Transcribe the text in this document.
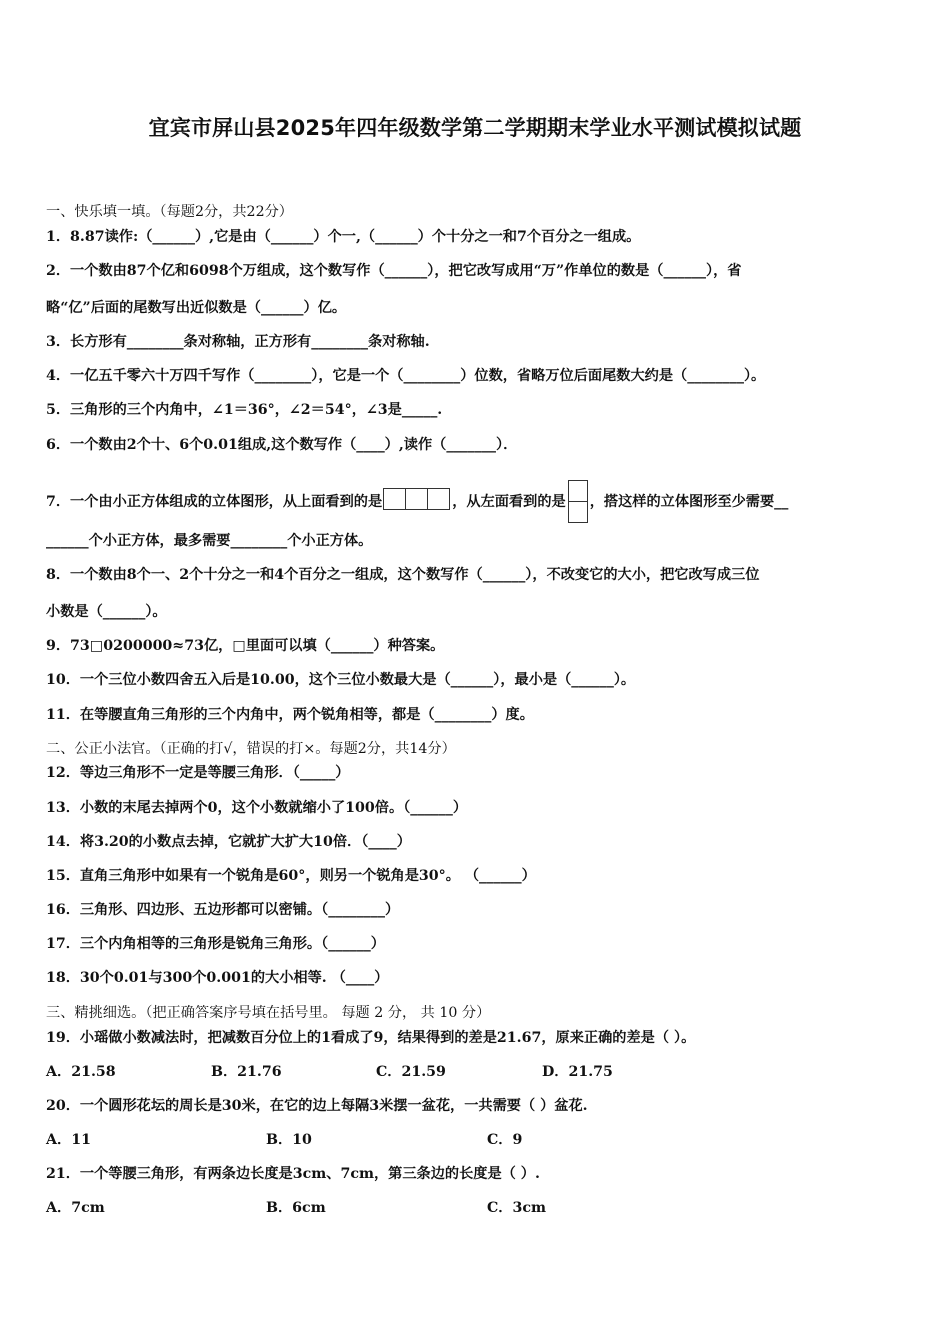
宜宾市屏山县2025年四年级数学第二学期期末学业水平测试模拟试题
一、快乐填一填。（每题2分，共22分）
1．8.87读作:（______）,它是由（______）个一,（______）个十分之一和7个百分之一组成。
2．一个数由87个亿和6098个万组成，这个数写作（______），把它改写成用“万”作单位的数是（______），省
略“亿”后面的尾数写出近似数是（______）亿。
3．长方形有________条对称轴，正方形有________条对称轴.
4．一亿五千零六十万四千写作（________），它是一个（________）位数，省略万位后面尾数大约是（________）。
5．三角形的三个内角中，∠1＝36°，∠2＝54°，∠3是_____.
6．一个数由2个十、6个0.01组成,这个数写作（____）,读作（_______）．
7．一个由小正方体组成的立体图形，从上面看到的是	，从左面看到的是 ，搭这样的立体图形至少需要__
______个小正方体，最多需要________个小正方体。
8．一个数由8个一、2个十分之一和4个百分之一组成，这个数写作（______），不改变它的大小，把它改写成三位
小数是（______）。
9．73□0200000≈73亿，□里面可以填（______）种答案。
10．一个三位小数四舍五入后是10.00，这个三位小数最大是（______），最小是（______）。
11．在等腰直角三角形的三个内角中，两个锐角相等，都是（________）度。
二、公正小法官。（正确的打√，错误的打×。每题2分，共14分）
12．等边三角形不一定是等腰三角形．（_____）
13．小数的末尾去掉两个0，这个小数就缩小了100倍。（______）
14．将3.20的小数点去掉，它就扩大扩大10倍．（____）
15．直角三角形中如果有一个锐角是60°，则另一个锐角是30°。 （______）
16．三角形、四边形、五边形都可以密铺。（________）
17．三个内角相等的三角形是锐角三角形。（______）
18．30个0.01与300个0.001的大小相等. （____）
三、精挑细选。（把正确答案序号填在括号里。 每题 2 分， 共 10 分）
19．小瑶做小数减法时，把减数百分位上的1看成了9，结果得到的差是21.67，原来正确的差是（ ）。
A．21.58	B．21.76	C．21.59	D．21.75
20．一个圆形花坛的周长是30米，在它的边上每隔3米摆一盆花，一共需要（ ）盆花.
A．11	B．10	C．9
21．一个等腰三角形，有两条边长度是3cm、7cm，第三条边的长度是（ ）.
A．7cm	B．6cm	C．3cm
